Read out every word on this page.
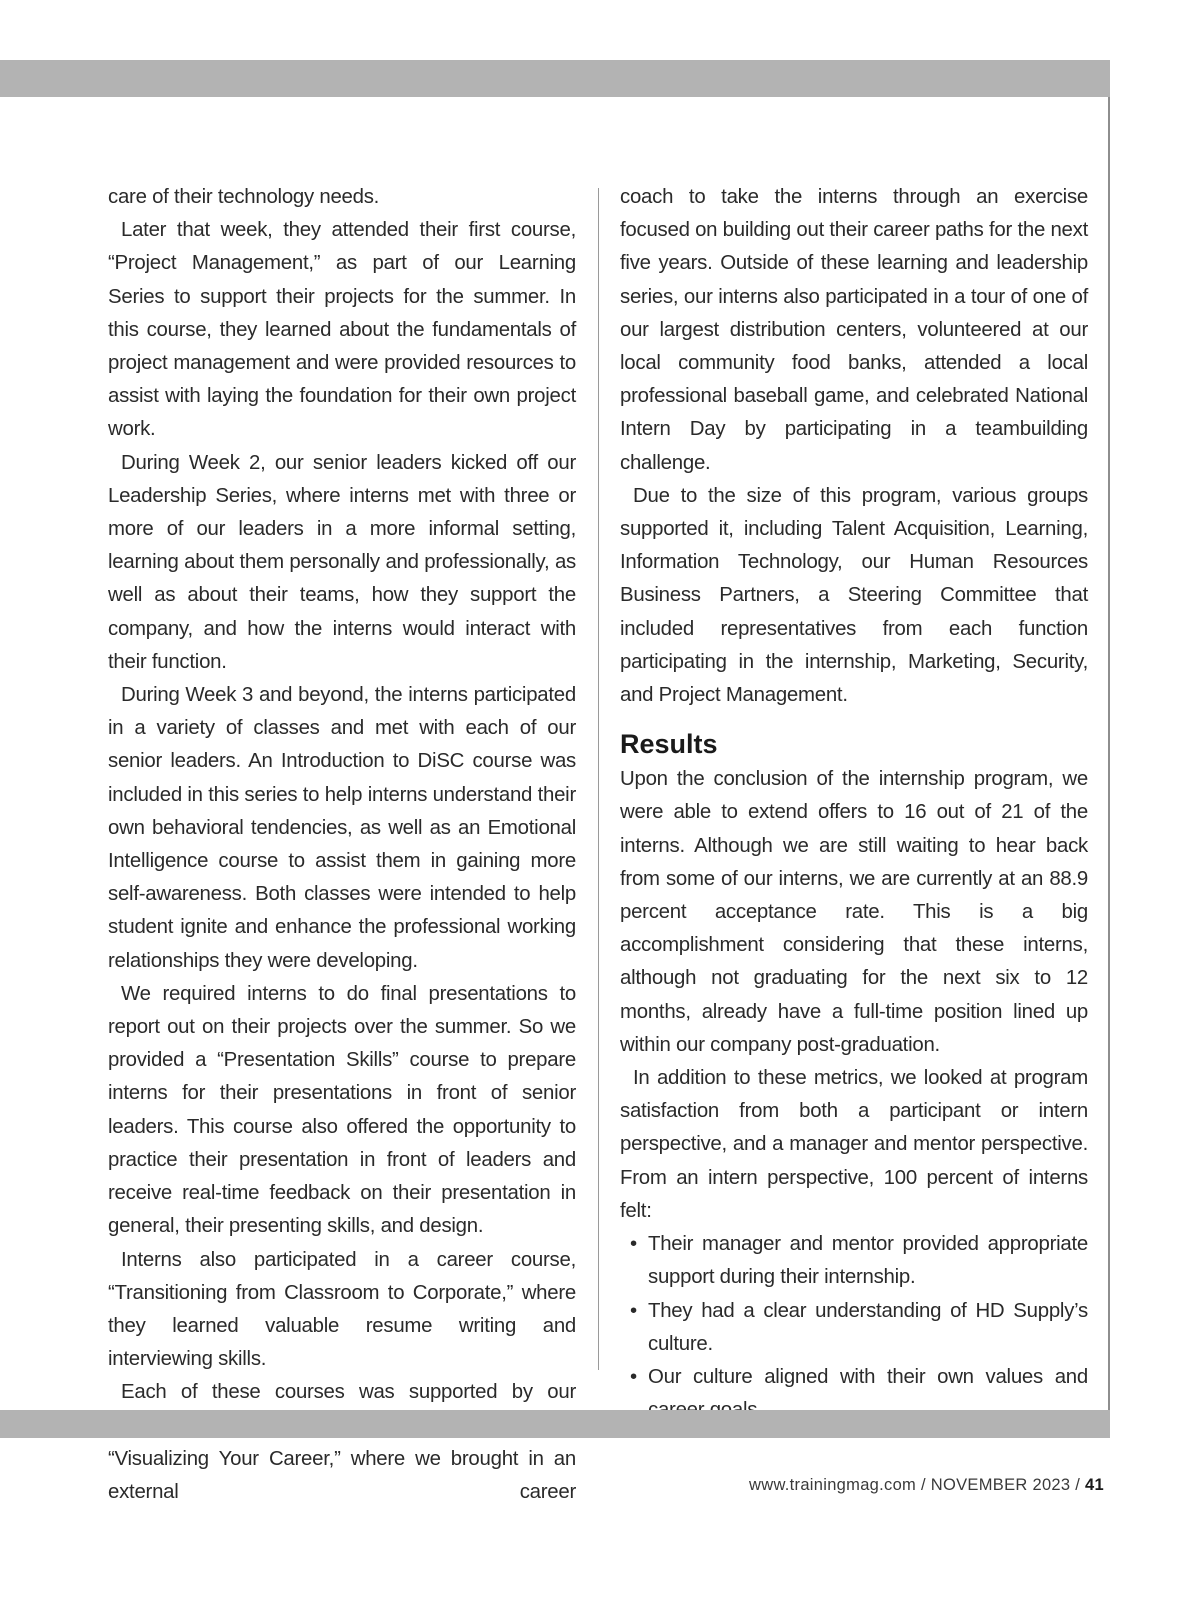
care of their technology needs.

Later that week, they attended their first course, “Project Management,” as part of our Learning Series to support their projects for the summer. In this course, they learned about the fundamentals of project management and were provided resources to assist with laying the foundation for their own project work.

During Week 2, our senior leaders kicked off our Leadership Series, where interns met with three or more of our leaders in a more informal setting, learning about them personally and professionally, as well as about their teams, how they support the company, and how the interns would interact with their function.

During Week 3 and beyond, the interns participated in a variety of classes and met with each of our senior leaders. An Introduction to DiSC course was included in this series to help interns understand their own behavioral tendencies, as well as an Emotional Intelligence course to assist them in gaining more self-awareness. Both classes were intended to help student ignite and enhance the professional working relationships they were developing.

We required interns to do final presentations to report out on their projects over the summer. So we provided a “Presentation Skills” course to prepare interns for their presentations in front of senior leaders. This course also offered the opportunity to practice their presentation in front of leaders and receive real-time feedback on their presentation in general, their presenting skills, and design.

Interns also participated in a career course, “Transitioning from Classroom to Corporate,” where they learned valuable resume writing and interviewing skills.

Each of these courses was supported by our “Visualizing Your Career,” where we brought in an external career

coach to take the interns through an exercise focused on building out their career paths for the next five years. Outside of these learning and leadership series, our interns also participated in a tour of one of our largest distribution centers, volunteered at our local community food banks, attended a local professional baseball game, and celebrated National Intern Day by participating in a teambuilding challenge.

Due to the size of this program, various groups supported it, including Talent Acquisition, Learning, Information Technology, our Human Resources Business Partners, a Steering Committee that included representatives from each function participating in the internship, Marketing, Security, and Project Management.

Results

Upon the conclusion of the internship program, we were able to extend offers to 16 out of 21 of the interns. Although we are still waiting to hear back from some of our interns, we are currently at an 88.9 percent acceptance rate. This is a big accomplishment considering that these interns, although not graduating for the next six to 12 months, already have a full-time position lined up within our company post-graduation.

In addition to these metrics, we looked at program satisfaction from both a participant or intern perspective, and a manager and mentor perspective. From an intern perspective, 100 percent of interns felt:

• Their manager and mentor provided appropriate support during their internship.
• They had a clear understanding of HD Supply’s culture.
• Our culture aligned with their own values and
www.trainingmag.com / NOVEMBER 2023 / 41
